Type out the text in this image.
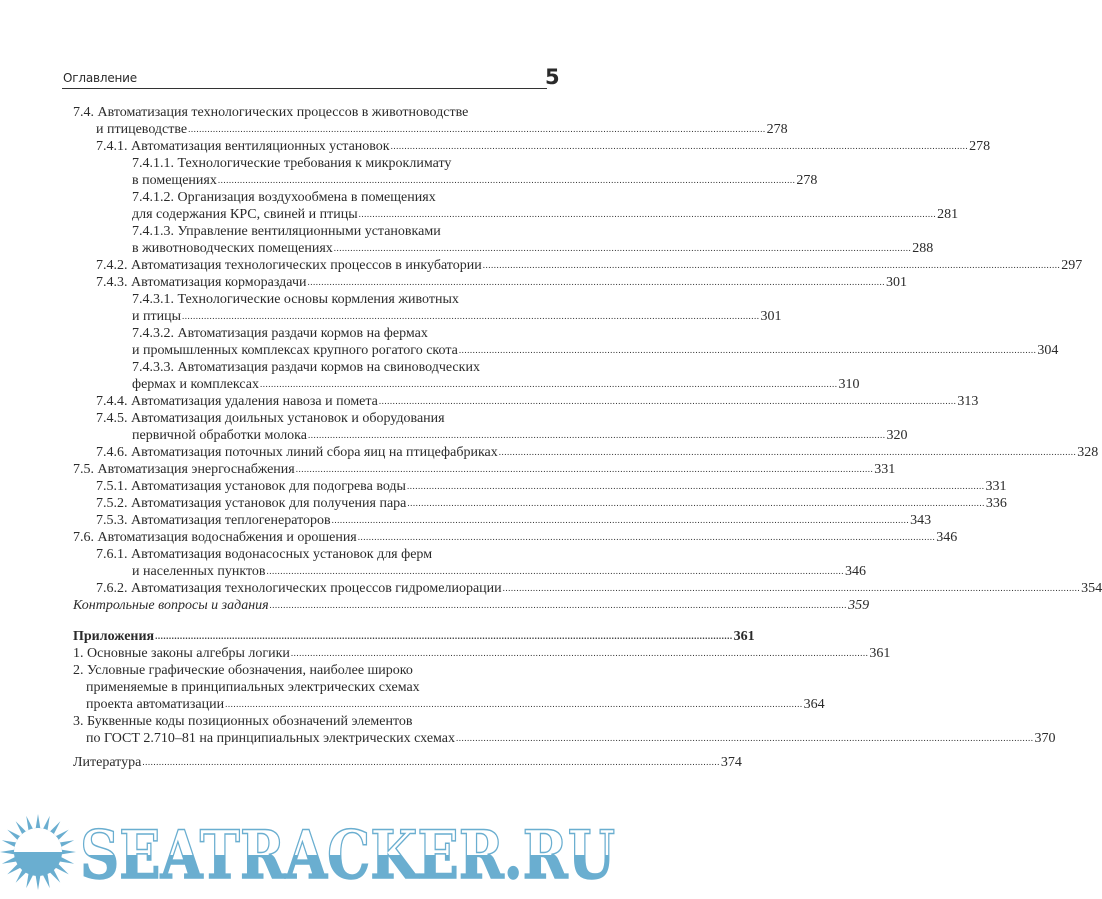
Оглавление	5
7.4. Автоматизация технологических процессов в животноводстве
и птицеводстве .....	278
7.4.1. Автоматизация вентиляционных установок .....	278
7.4.1.1. Технологические требования к микроклимату
в помещениях .....	278
7.4.1.2. Организация воздухообмена в помещениях
для содержания КРС, свиней и птицы .....	281
7.4.1.3. Управление вентиляционными установками
в животноводческих помещениях .....	288
7.4.2. Автоматизация технологических процессов в инкубатории .....	297
7.4.3. Автоматизация кормораздачи .....	301
7.4.3.1. Технологические основы кормления животных
и птицы .....	301
7.4.3.2. Автоматизация раздачи кормов на фермах
и промышленных комплексах крупного рогатого скота .....	304
7.4.3.3. Автоматизация раздачи кормов на свиноводческих
фермах и комплексах .....	310
7.4.4. Автоматизация удаления навоза и помета .....	313
7.4.5. Автоматизация доильных установок и оборудования
первичной обработки молока .....	320
7.4.6. Автоматизация поточных линий сбора яиц на птицефабриках .....	328
7.5. Автоматизация энергоснабжения .....	331
7.5.1. Автоматизация установок для подогрева воды .....	331
7.5.2. Автоматизация установок для получения пара .....	336
7.5.3. Автоматизация теплогенераторов .....	343
7.6. Автоматизация водоснабжения и орошения .....	346
7.6.1. Автоматизация водонасосных установок для ферм
и населенных пунктов .....	346
7.6.2. Автоматизация технологических процессов гидромелиорации .....	354
Контрольные вопросы и задания .....	359
Приложения .....	361
1. Основные законы алгебры логики .....	361
2. Условные графические обозначения, наиболее широко
применяемые в принципиальных электрических схемах
проекта автоматизации .....	364
3. Буквенные коды позиционных обозначений элементов
по ГОСТ 2.710–81 на принципиальных электрических схемах .....	370
Литература .....	374
SEATRACKER.RU
